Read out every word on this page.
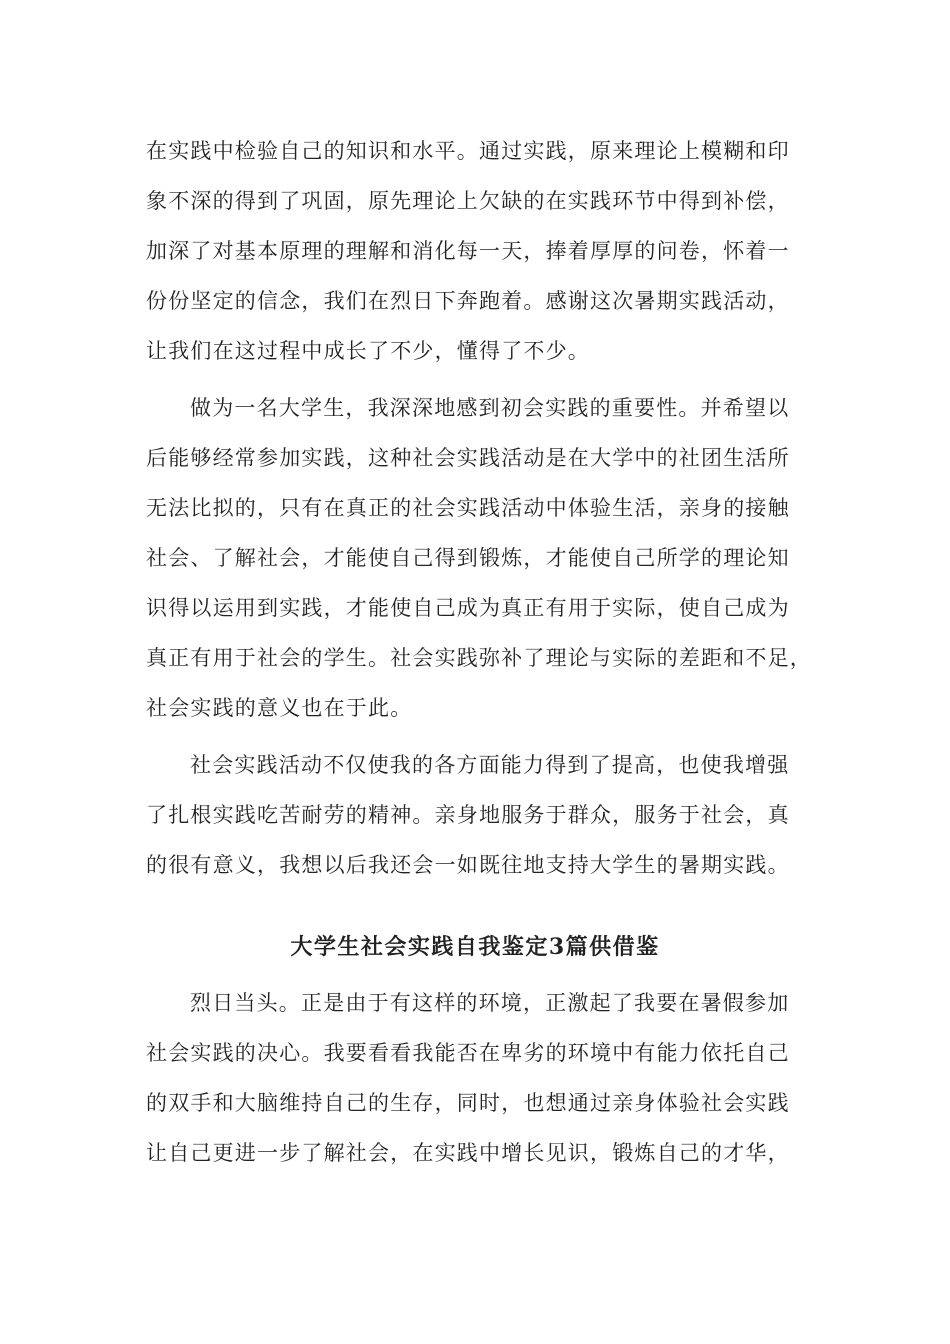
在实践中检验自己的知识和水平。通过实践，原来理论上模糊和印
象不深的得到了巩固，原先理论上欠缺的在实践环节中得到补偿，
加深了对基本原理的理解和消化每一天，捧着厚厚的问卷，怀着一
份份坚定的信念，我们在烈日下奔跑着。感谢这次暑期实践活动，
让我们在这过程中成长了不少，懂得了不少。
做为一名大学生，我深深地感到初会实践的重要性。并希望以
后能够经常参加实践，这种社会实践活动是在大学中的社团生活所
无法比拟的，只有在真正的社会实践活动中体验生活，亲身的接触
社会、了解社会，才能使自己得到锻炼，才能使自己所学的理论知
识得以运用到实践，才能使自己成为真正有用于实际，使自己成为
真正有用于社会的学生。社会实践弥补了理论与实际的差距和不足，
社会实践的意义也在于此。
社会实践活动不仅使我的各方面能力得到了提高，也使我增强
了扎根实践吃苦耐劳的精神。亲身地服务于群众，服务于社会，真
的很有意义，我想以后我还会一如既往地支持大学生的暑期实践。
大学生社会实践自我鉴定3篇供借鉴
烈日当头。正是由于有这样的环境，正激起了我要在暑假参加
社会实践的决心。我要看看我能否在卑劣的环境中有能力依托自己
的双手和大脑维持自己的生存，同时，也想通过亲身体验社会实践
让自己更进一步了解社会，在实践中增长见识，锻炼自己的才华，
